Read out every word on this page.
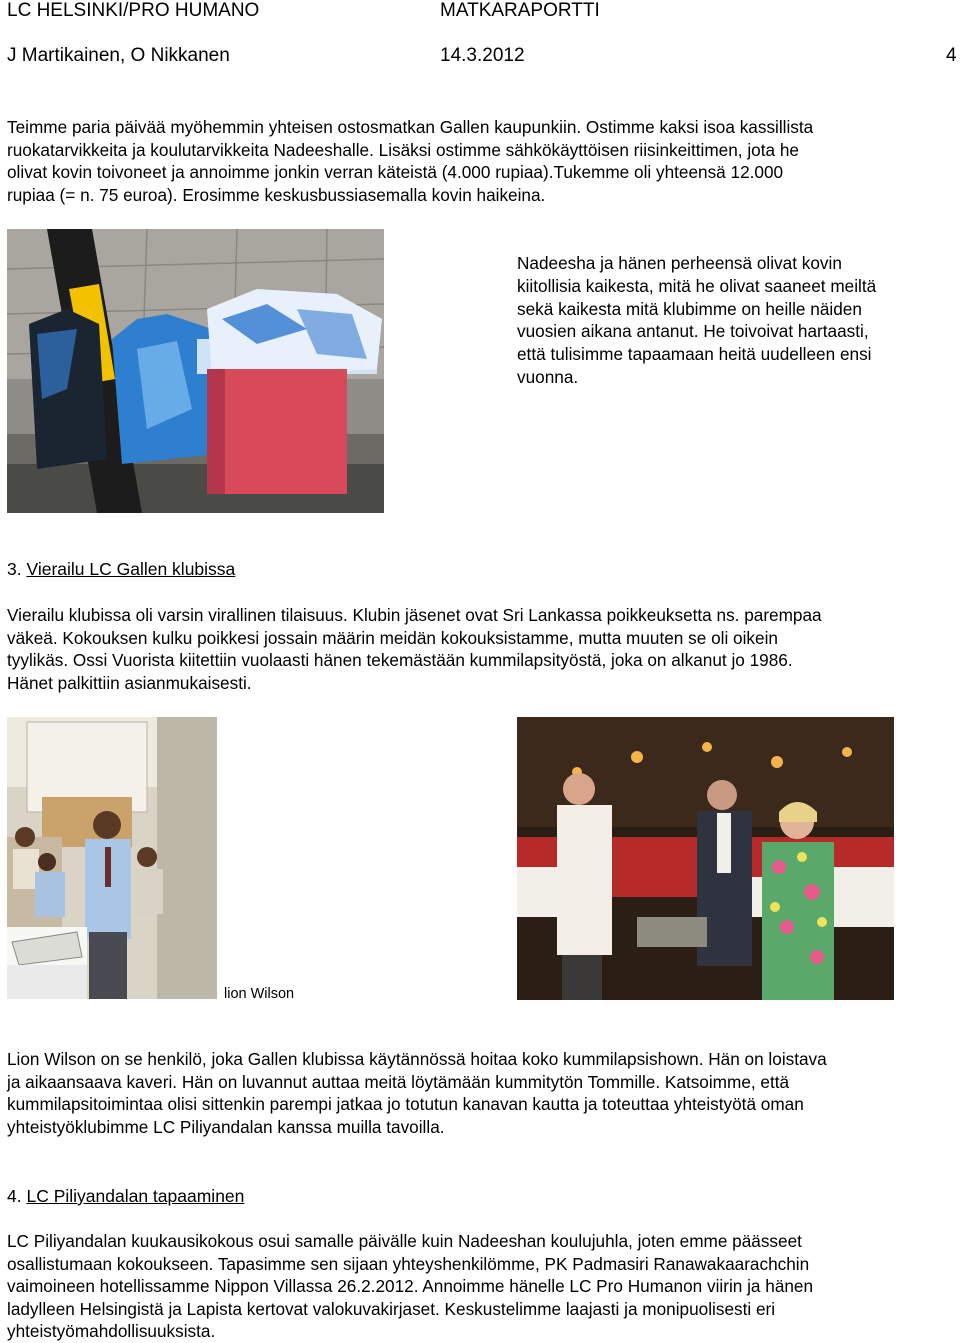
LC HELSINKI/PRO HUMANO	MATKARAPORTTI
J Martikainen, O Nikkanen	14.3.2012	4

Teimme paria päivää myöhemmin yhteisen ostosmatkan Gallen kaupunkiin. Ostimme kaksi isoa kassillista

ruokatarvikkeita ja koulutarvikkeita Nadeeshalle. Lisäksi ostimme sähkökäyttöisen riisinkeittimen, jota he

olivat kovin toivoneet ja annoimme jonkin verran käteistä (4.000 rupiaa).Tukemme oli yhteensä 12.000

rupiaa (= n. 75 euroa). Erosimme keskusbussiasemalla kovin haikeina.

Nadeesha ja hänen perheensä olivat kovin
kiitollisia kaikesta, mitä he olivat saaneet meiltä
sekä kaikesta mitä klubimme on heille näiden
vuosien aikana antanut. He toivoivat hartaasti,
että tulisimme tapaamaan heitä uudelleen ensi
vuonna.
3. Vierailu LC Gallen klubissa

Vierailu klubissa oli varsin virallinen tilaisuus. Klubin jäsenet ovat Sri Lankassa poikkeuksetta ns. parempaa

väkeä. Kokouksen kulku poikkesi jossain määrin meidän kokouksistamme, mutta muuten se oli oikein

tyylikäs. Ossi Vuorista kiitettiin vuolaasti hänen tekemästään kummilapsityöstä, joka on alkanut jo 1986.

Hänet palkittiin asianmukaisesti.

lion Wilson

Lion Wilson on se henkilö, joka Gallen klubissa käytännössä hoitaa koko kummilapsishown. Hän on loistava

ja aikaansaava kaveri. Hän on luvannut auttaa meitä löytämään kummitytön Tommille. Katsoimme, että

kummilapsitoimintaa olisi sittenkin parempi jatkaa jo totutun kanavan kautta ja toteuttaa yhteistyötä oman

yhteistyöklubimme LC Piliyandalan kanssa muilla tavoilla.

4. LC Piliyandalan tapaaminen

LC Piliyandalan kuukausikokous osui samalle päivälle kuin Nadeeshan koulujuhla, joten emme päässeet

osallistumaan kokoukseen. Tapasimme sen sijaan yhteyshenkilömme, PK Padmasiri Ranawakaarachchin

vaimoineen hotellissamme Nippon Villassa 26.2.2012. Annoimme hänelle LC Pro Humanon viirin ja hänen

ladylleen Helsingistä ja Lapista kertovat valokuvakirjaset. Keskustelimme laajasti ja monipuolisesti eri

yhteistyömahdollisuuksista.
